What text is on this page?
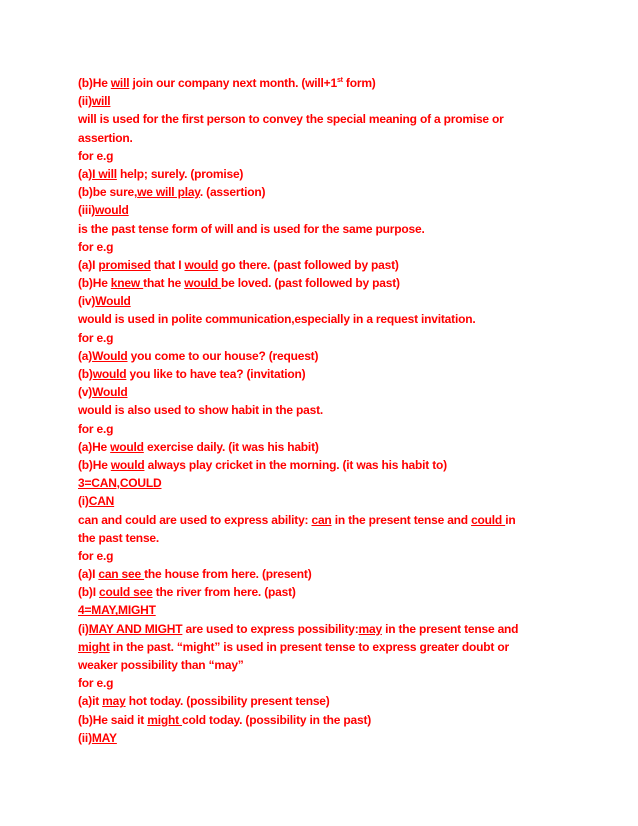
(b)He will join our company next month. (will+1st form)
(ii)will
will is used for the first person to convey the special meaning of a promise or
assertion.
for e.g
(a)I will help; surely. (promise)
(b)be sure,we will play. (assertion)
(iii)would
is the past tense form of will and is used for the same purpose.
for e.g
(a)I promised that I would go there. (past followed by past)
(b)He knew that he would be loved. (past followed by past)
(iv)Would
would is used in polite communication,especially in a request invitation.
for e.g
(a)Would you come to our house? (request)
(b)would you like to have tea? (invitation)
(v)Would
would is also used to show habit in the past.
for e.g
(a)He would exercise daily. (it was his habit)
(b)He would always play cricket in the morning. (it was his habit to)
3=CAN,COULD
(i)CAN
can and could are used to express ability: can in the present tense and could in
the past tense.
for e.g
(a)I can see the house from here. (present)
(b)I could see the river from here. (past)
4=MAY,MIGHT
(i)MAY AND MIGHT are used to express possibility:may in the present tense and
might in the past. “might” is used in present tense to express greater doubt or
weaker possibility than “may”
for e.g
(a)it may hot today. (possibility present tense)
(b)He said it might cold today. (possibility in the past)
(ii)MAY
